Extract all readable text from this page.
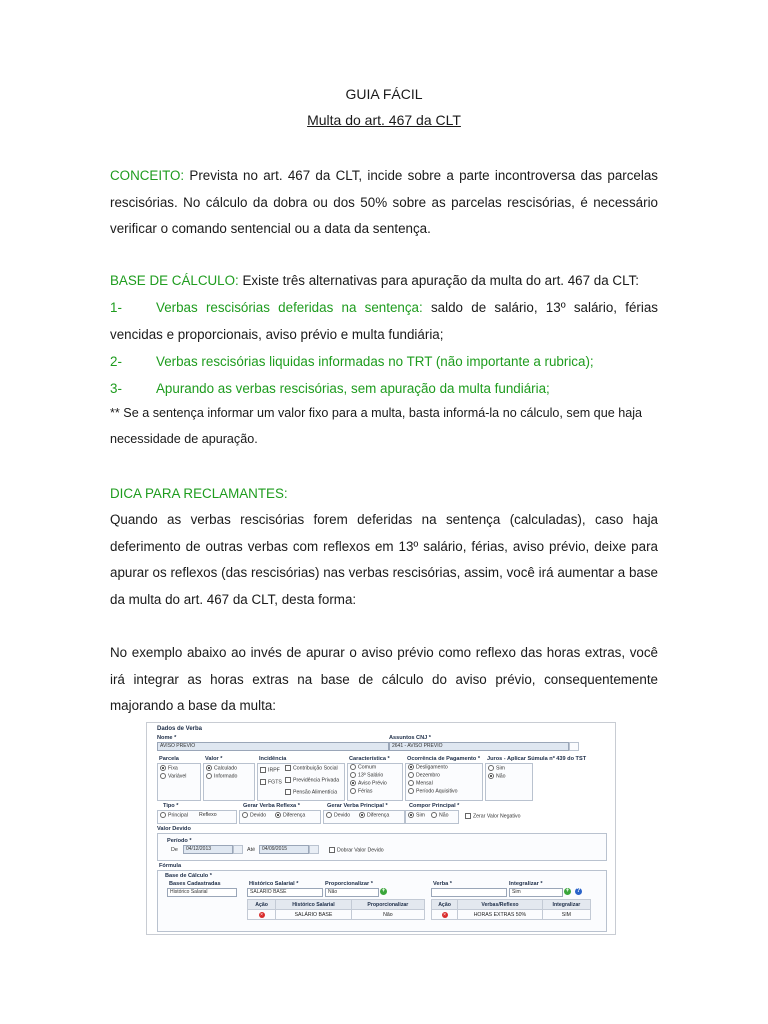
GUIA FÁCIL
Multa do art. 467 da CLT
CONCEITO: Prevista no art. 467 da CLT, incide sobre a parte incontroversa das parcelas rescisórias. No cálculo da dobra ou dos 50% sobre as parcelas rescisórias, é necessário verificar o comando sentencial ou a data da sentença.
BASE DE CÁLCULO: Existe três alternativas para apuração da multa do art. 467 da CLT:
1-	Verbas rescisórias deferidas na sentença: saldo de salário, 13º salário, férias vencidas e proporcionais, aviso prévio e multa fundiária;
2-	Verbas rescisórias liquidas informadas no TRT (não importante a rubrica);
3-	Apurando as verbas rescisórias, sem apuração da multa fundiária;
** Se a sentença informar um valor fixo para a multa, basta informá-la no cálculo, sem que haja necessidade de apuração.
DICA PARA RECLAMANTES:
Quando as verbas rescisórias forem deferidas na sentença (calculadas), caso haja deferimento de outras verbas com reflexos em 13º salário, férias, aviso prévio, deixe para apurar os reflexos (das rescisórias) nas verbas rescisórias, assim, você irá aumentar a base da multa do art. 467 da CLT, desta forma:
No exemplo abaixo ao invés de apurar o aviso prévio como reflexo das horas extras, você irá integrar as horas extras na base de cálculo do aviso prévio, consequentemente majorando a base da multa:
Dados de Verba
Nome *
AVISO PRÉVIO
Assuntos CNJ *
2641 - AVISO PRÉVIO
Parcela
Fixa
Variável
Valor *
Calculado
Informado
Incidência
IRPF
FGTS
Contribuição Social
Previdência Privada
Pensão Alimentícia
Característica *
Comum
13º Salário
Aviso Prévio
Férias
Ocorrência de Pagamento *
Desligamento
Dezembro
Mensal
Período Aquisitivo
Juros - Aplicar Súmula nº 439 do TST
Sim
Não
Tipo *
Principal Reflexo
Gerar Verba Reflexa *
Devido	Diferença
Gerar Verba Principal *
Devido	Diferença
Compor Principal *
Sim	Não	Zerar Valor Negativo
Valor Devido
Período *
De	04/12/2013	Até	04/09/2015	Dobrar Valor Devido
Fórmula
Base de Cálculo *
Bases Cadastradas
Histórico Salarial
Histórico Salarial *
SALÁRIO BASE
Proporcionalizar *
Não	+
Verba *	Integralizar *
Sim	+ ?
Ação	Histórico Salarial	Proporcionalizar
×	SALÁRIO BASE	Não
Ação	Verbas/Reflexo	Integralizar
×	HORAS EXTRAS 50%	SIM
